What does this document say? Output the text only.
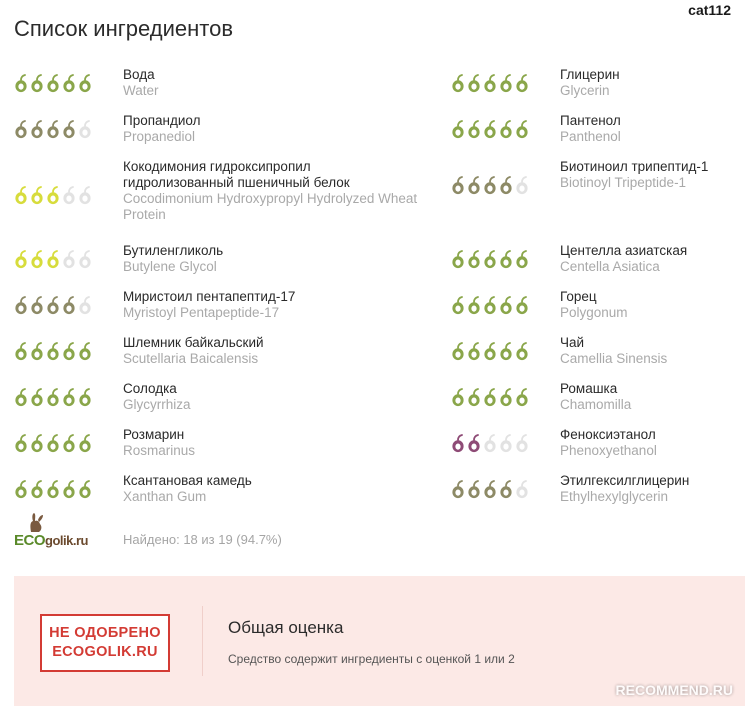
cat112
Список ингредиентов
Вода
Water
Пропандиол
Propanediol
Кокодимония гидроксипропил гидролизованный пшеничный белок
Cocodimonium Hydroxypropyl Hydrolyzed Wheat Protein
Бутиленгликоль
Butylene Glycol
Миристоил пентапептид-17
Myristoyl Pentapeptide-17
Шлемник байкальский
Scutellaria Baicalensis
Солодка
Glycyrrhiza
Розмарин
Rosmarinus
Ксантановая камедь
Xanthan Gum
Глицерин
Glycerin
Пантенол
Panthenol
Биотиноил трипептид-1
Biotinoyl Tripeptide-1
Центелла азиатская
Centella Asiatica
Горец
Polygonum
Чай
Camellia Sinensis
Ромашка
Chamomilla
Феноксиэтанол
Phenoxyethanol
Этилгексилглицерин
Ethylhexylglycerin
ECOgolik.ru	Найдено: 18 из 19 (94.7%)
НЕ ОДОБРЕНО
ECOGOLIK.RU
Общая оценка
Средство содержит ингредиенты с оценкой 1 или 2
RECOMMEND.RU
